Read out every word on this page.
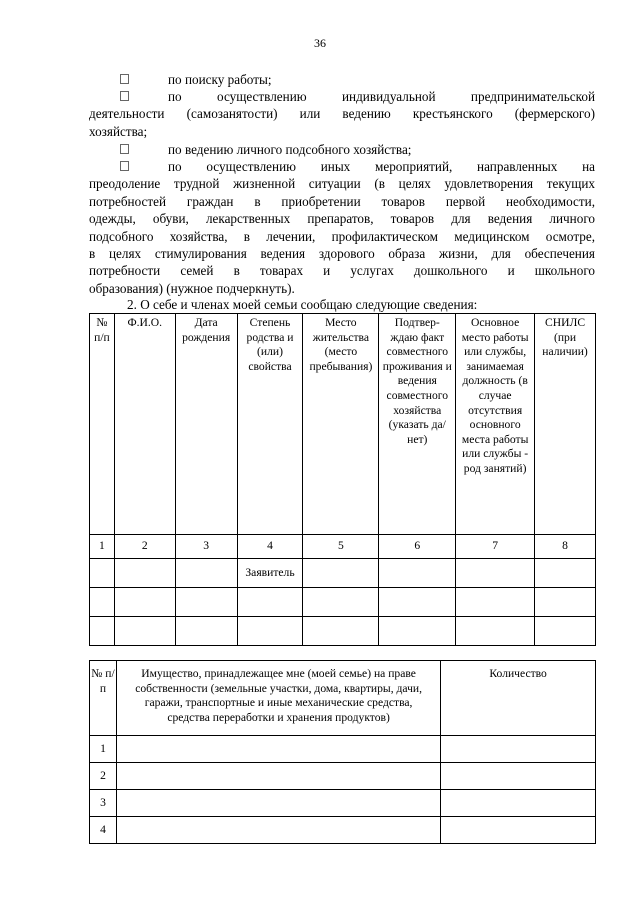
36
по поиску работы;
по осуществлению индивидуальной предпринимательской
деятельности (самозанятости) или ведению крестьянского (фермерского)
хозяйства;
по ведению личного подсобного хозяйства;
по осуществлению иных мероприятий, направленных на
преодоление трудной жизненной ситуации (в целях удовлетворения текущих
потребностей граждан в приобретении товаров первой необходимости,
одежды, обуви, лекарственных препаратов, товаров для ведения личного
подсобного хозяйства, в лечении, профилактическом медицинском осмотре,
в целях стимулирования ведения здорового образа жизни, для обеспечения
потребности семей в товарах и услугах дошкольного и школьного
образования) (нужное подчеркнуть).
2. О себе и членах моей семьи сообщаю следующие сведения:
№ п/п	Ф.И.О.	Дата рождения	Степень родства и (или) свойства	Место жительства (место пребывания)	Подтвер- ждаю факт совместного проживания и ведения совместного хозяйства (указать да/нет)	Основное место работы или службы, занимаемая должность (в случае отсутствия основного места работы или службы - род занятий)	СНИЛС (при наличии)
1	2	3	4	5	6	7	8
			Заявитель				

№ п/п	Имущество, принадлежащее мне (моей семье) на праве собственности (земельные участки, дома, квартиры, дачи, гаражи, транспортные и иные механические средства, средства переработки и хранения продуктов)	Количество
1		
2		
3		
4		
